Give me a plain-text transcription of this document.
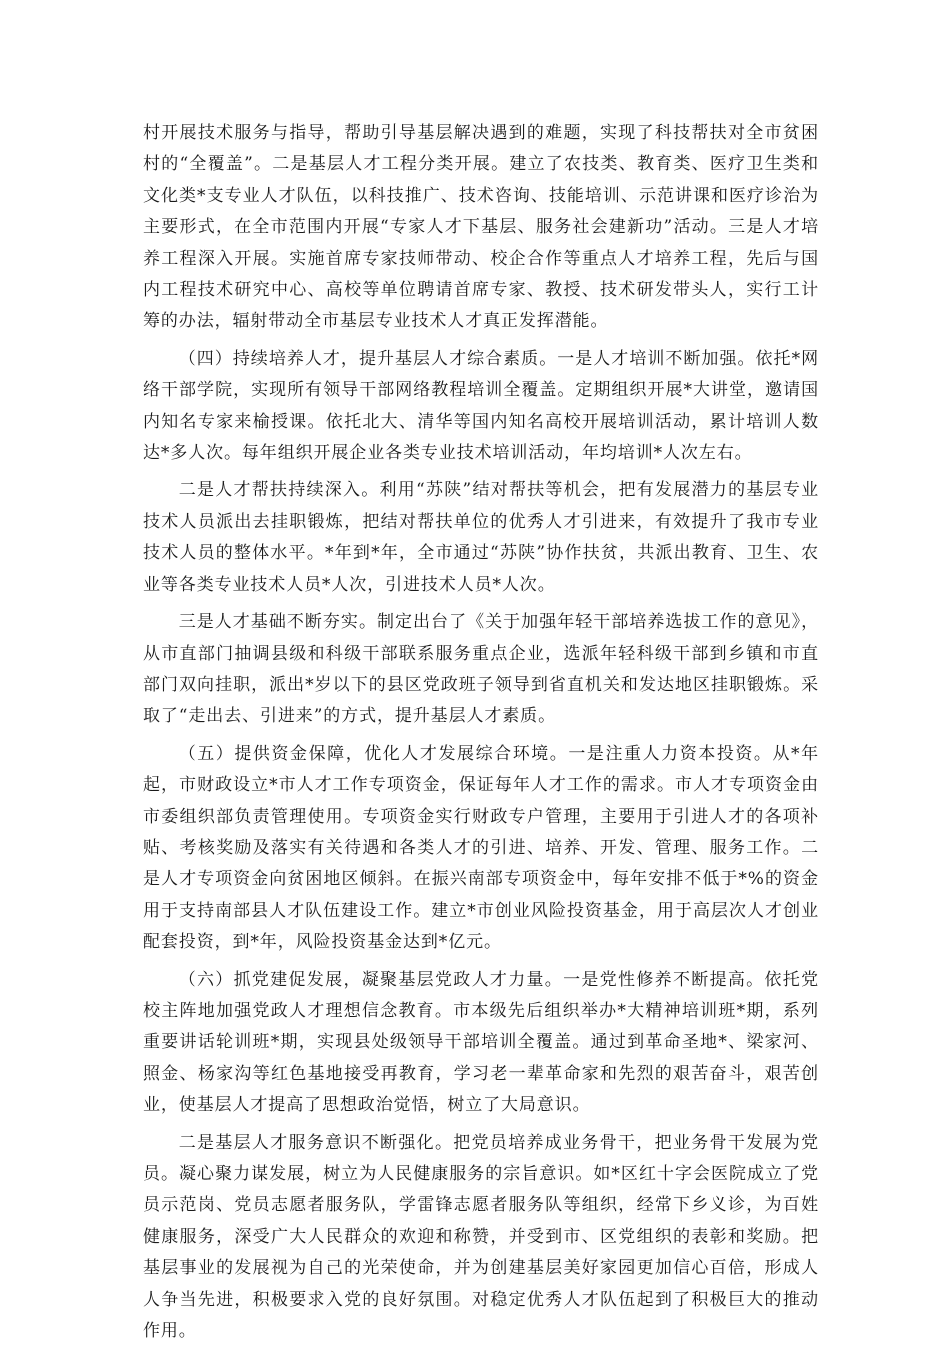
村开展技术服务与指导，帮助引导基层解决遇到的难题，实现了科技帮扶对全市贫困村的“全覆盖”。二是基层人才工程分类开展。建立了农技类、教育类、医疗卫生类和文化类*支专业人才队伍，以科技推广、技术咨询、技能培训、示范讲课和医疗诊治为主要形式，在全市范围内开展“专家人才下基层、服务社会建新功”活动。三是人才培养工程深入开展。实施首席专家技师带动、校企合作等重点人才培养工程，先后与国内工程技术研究中心、高校等单位聘请首席专家、教授、技术研发带头人，实行工计筹的办法，辐射带动全市基层专业技术人才真正发挥潜能。

（四）持续培养人才，提升基层人才综合素质。一是人才培训不断加强。依托*网络干部学院，实现所有领导干部网络教程培训全覆盖。定期组织开展*大讲堂，邀请国内知名专家来榆授课。依托北大、清华等国内知名高校开展培训活动，累计培训人数达*多人次。每年组织开展企业各类专业技术培训活动，年均培训*人次左右。

二是人才帮扶持续深入。利用“苏陕”结对帮扶等机会，把有发展潜力的基层专业技术人员派出去挂职锻炼，把结对帮扶单位的优秀人才引进来，有效提升了我市专业技术人员的整体水平。*年到*年，全市通过“苏陕”协作扶贫，共派出教育、卫生、农业等各类专业技术人员*人次，引进技术人员*人次。

三是人才基础不断夯实。制定出台了《关于加强年轻干部培养选拔工作的意见》，从市直部门抽调县级和科级干部联系服务重点企业，选派年轻科级干部到乡镇和市直部门双向挂职，派出*岁以下的县区党政班子领导到省直机关和发达地区挂职锻炼。采取了“走出去、引进来”的方式，提升基层人才素质。

（五）提供资金保障，优化人才发展综合环境。一是注重人力资本投资。从*年起，市财政设立*市人才工作专项资金，保证每年人才工作的需求。市人才专项资金由市委组织部负责管理使用。专项资金实行财政专户管理，主要用于引进人才的各项补贴、考核奖励及落实有关待遇和各类人才的引进、培养、开发、管理、服务工作。二是人才专项资金向贫困地区倾斜。在振兴南部专项资金中，每年安排不低于*%的资金用于支持南部县人才队伍建设工作。建立*市创业风险投资基金，用于高层次人才创业配套投资，到*年，风险投资基金达到*亿元。

（六）抓党建促发展，凝聚基层党政人才力量。一是党性修养不断提高。依托党校主阵地加强党政人才理想信念教育。市本级先后组织举办*大精神培训班*期，系列重要讲话轮训班*期，实现县处级领导干部培训全覆盖。通过到革命圣地*、梁家河、照金、杨家沟等红色基地接受再教育，学习老一辈革命家和先烈的艰苦奋斗，艰苦创业，使基层人才提高了思想政治觉悟，树立了大局意识。

二是基层人才服务意识不断强化。把党员培养成业务骨干，把业务骨干发展为党员。凝心聚力谋发展，树立为人民健康服务的宗旨意识。如*区红十字会医院成立了党员示范岗、党员志愿者服务队，学雷锋志愿者服务队等组织，经常下乡义诊，为百姓健康服务，深受广大人民群众的欢迎和称赞，并受到市、区党组织的表彰和奖励。把基层事业的发展视为自己的光荣使命，并为创建基层美好家园更加信心百倍，形成人人争当先进，积极要求入党的良好氛围。对稳定优秀人才队伍起到了积极巨大的推动作用。
